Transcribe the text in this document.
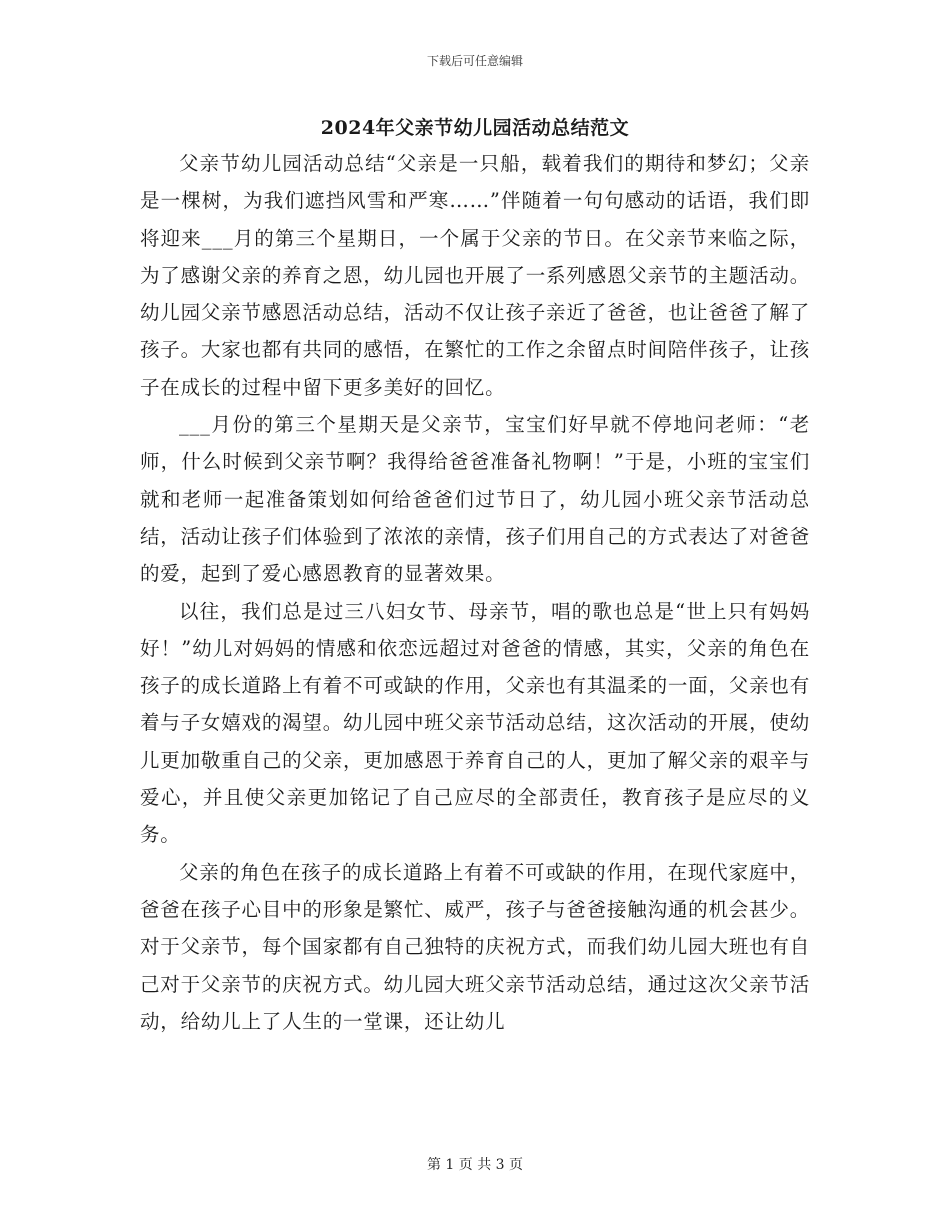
下载后可任意编辑
2024年父亲节幼儿园活动总结范文

父亲节幼儿园活动总结“父亲是一只船，载着我们的期待和梦幻；父亲是一棵树，为我们遮挡风雪和严寒……”伴随着一句句感动的话语，我们即将迎来___月的第三个星期日，一个属于父亲的节日。在父亲节来临之际，为了感谢父亲的养育之恩，幼儿园也开展了一系列感恩父亲节的主题活动。幼儿园父亲节感恩活动总结，活动不仅让孩子亲近了爸爸，也让爸爸了解了孩子。大家也都有共同的感悟，在繁忙的工作之余留点时间陪伴孩子，让孩子在成长的过程中留下更多美好的回忆。

___月份的第三个星期天是父亲节，宝宝们好早就不停地问老师：“老师，什么时候到父亲节啊？我得给爸爸准备礼物啊！”于是，小班的宝宝们就和老师一起准备策划如何给爸爸们过节日了，幼儿园小班父亲节活动总结，活动让孩子们体验到了浓浓的亲情，孩子们用自己的方式表达了对爸爸的爱，起到了爱心感恩教育的显著效果。

以往，我们总是过三八妇女节、母亲节，唱的歌也总是“世上只有妈妈好！”幼儿对妈妈的情感和依恋远超过对爸爸的情感，其实，父亲的角色在孩子的成长道路上有着不可或缺的作用，父亲也有其温柔的一面，父亲也有着与子女嬉戏的渴望。幼儿园中班父亲节活动总结，这次活动的开展，使幼儿更加敬重自己的父亲，更加感恩于养育自己的人，更加了解父亲的艰辛与爱心，并且使父亲更加铭记了自己应尽的全部责任，教育孩子是应尽的义务。

父亲的角色在孩子的成长道路上有着不可或缺的作用，在现代家庭中，爸爸在孩子心目中的形象是繁忙、威严，孩子与爸爸接触沟通的机会甚少。对于父亲节，每个国家都有自己独特的庆祝方式，而我们幼儿园大班也有自己对于父亲节的庆祝方式。幼儿园大班父亲节活动总结，通过这次父亲节活动，给幼儿上了人生的一堂课，还让幼儿

第 1 页 共 3 页
